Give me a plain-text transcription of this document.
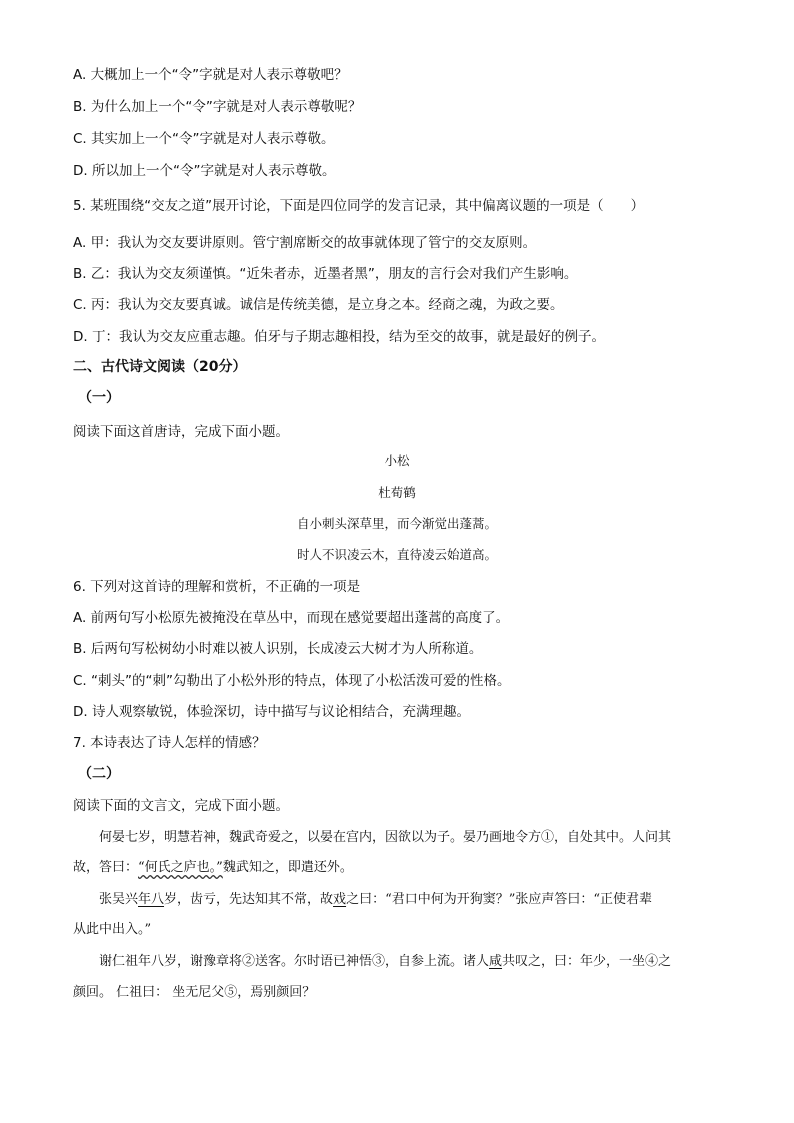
A. 大概加上一个“令”字就是对人表示尊敬吧？
B. 为什么加上一个“令”字就是对人表示尊敬呢？
C. 其实加上一个“令”字就是对人表示尊敬。
D. 所以加上一个“令”字就是对人表示尊敬。
5. 某班围绕“交友之道”展开讨论，下面是四位同学的发言记录，其中偏离议题的一项是（　　）
A. 甲：我认为交友要讲原则。管宁割席断交的故事就体现了管宁的交友原则。
B. 乙：我认为交友须谨慎。“近朱者赤，近墨者黑”，朋友的言行会对我们产生影响。
C. 丙：我认为交友要真诚。诚信是传统美德，是立身之本。经商之魂，为政之要。
D. 丁：我认为交友应重志趣。伯牙与子期志趣相投，结为至交的故事，就是最好的例子。
二、古代诗文阅读（20分）
（一）
阅读下面这首唐诗，完成下面小题。
小松
杜荀鹤
自小刺头深草里，而今渐觉出蓬蒿。
时人不识凌云木，直待凌云始道高。
6. 下列对这首诗的理解和赏析，不正确的一项是
A. 前两句写小松原先被掩没在草丛中，而现在感觉要超出蓬蒿的高度了。
B. 后两句写松树幼小时难以被人识别，长成凌云大树才为人所称道。
C. “刺头”的“刺”勾勒出了小松外形的特点，体现了小松活泼可爱的性格。
D. 诗人观察敏锐，体验深切，诗中描写与议论相结合，充满理趣。
7. 本诗表达了诗人怎样的情感？
（二）
阅读下面的文言文，完成下面小题。
何晏七岁，明慧若神，魏武奇爱之，以晏在宫内，因欲以为子。晏乃画地令方①，自处其中。人问其
故，答曰：“何氏之庐也。”魏武知之，即遣还外。
张吴兴年八岁，齿亏，先达知其不常，故戏之曰：“君口中何为开狗窦？”张应声答曰：“正使君辈
从此中出入。”
谢仁祖年八岁，谢豫章将②送客。尔时语已神悟③，自参上流。诸人咸共叹之，曰：年少，一坐④之
颜回。 仁祖曰： 坐无尼父⑤，焉别颜回？
